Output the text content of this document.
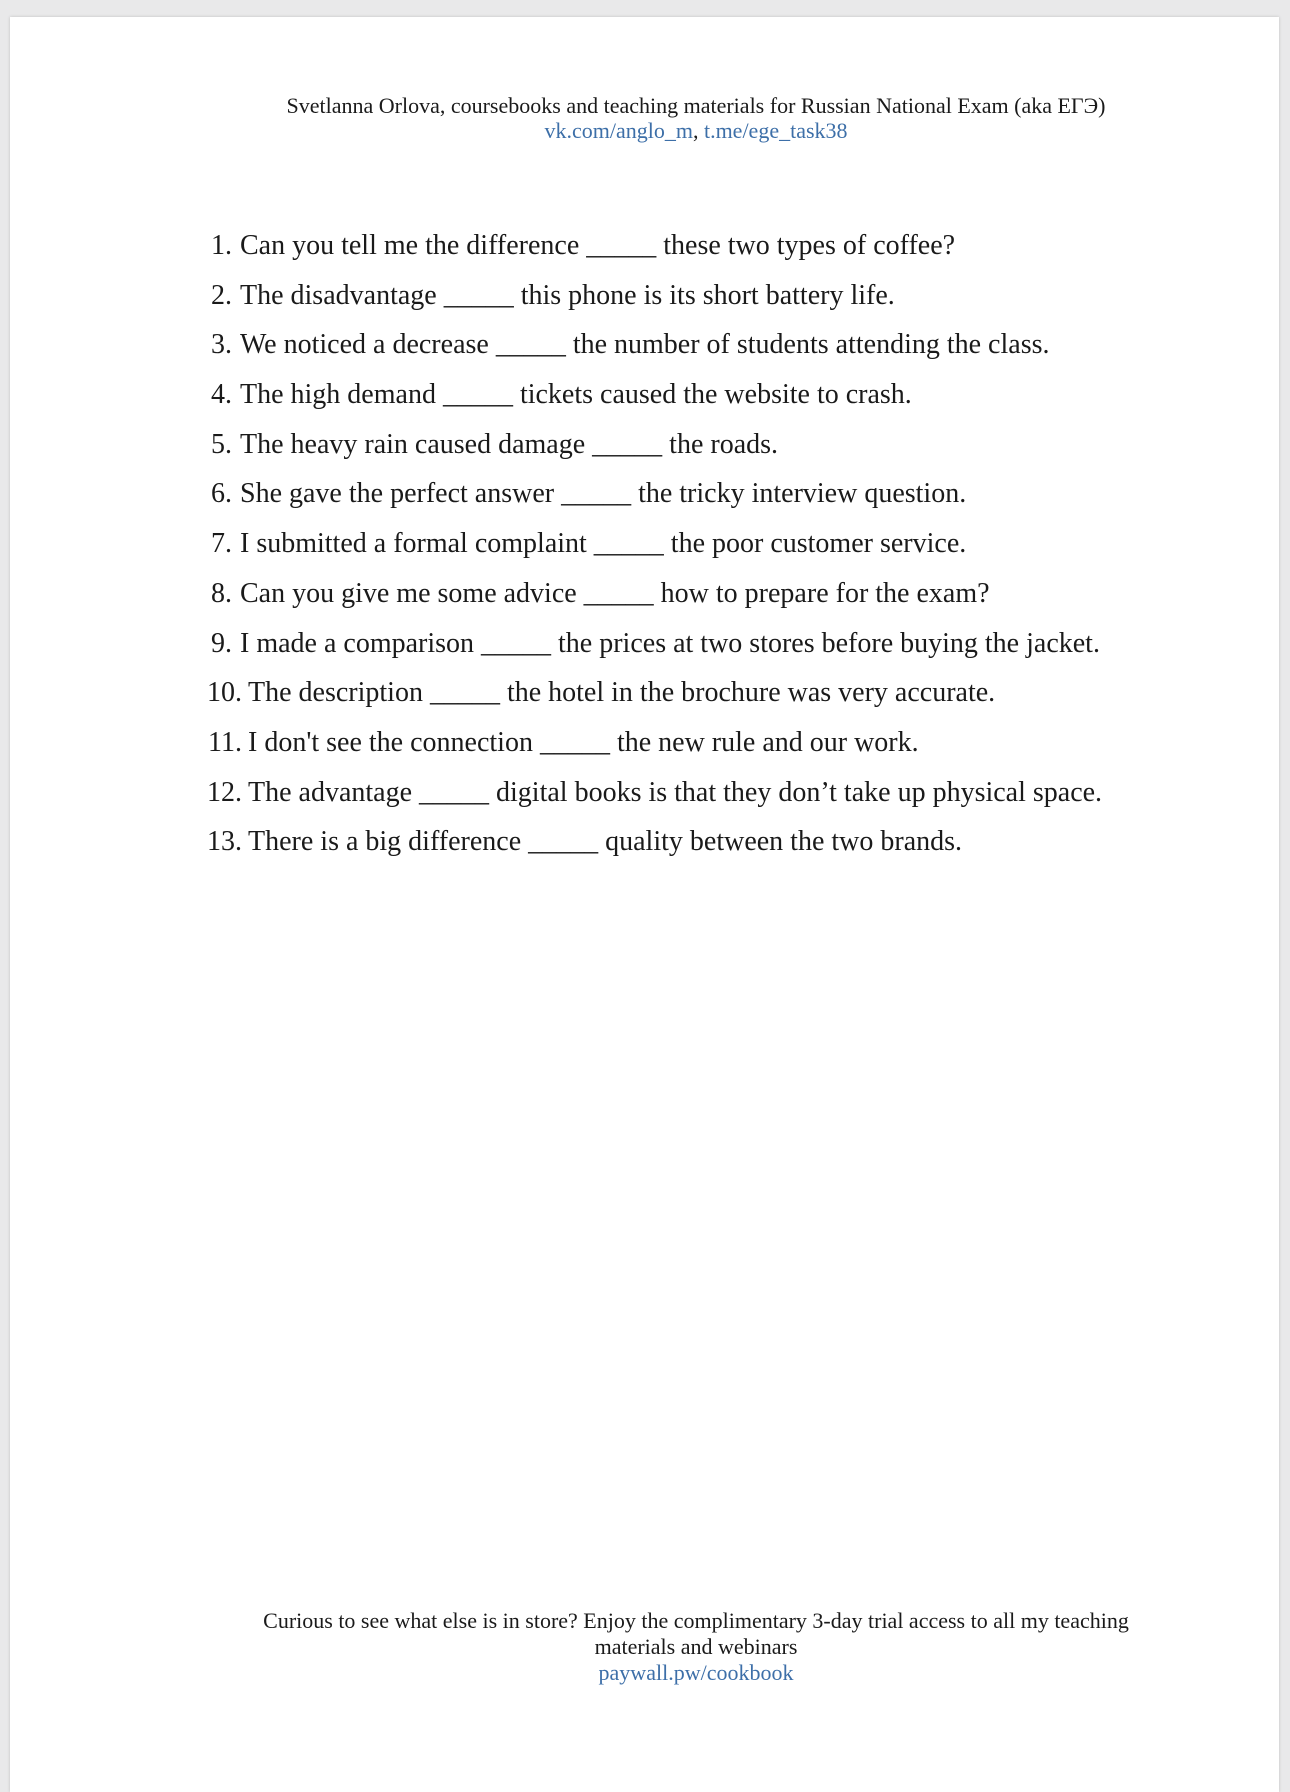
Svetlanna Orlova, coursebooks and teaching materials for Russian National Exam (aka ЕГЭ)
vk.com/anglo_m, t.me/ege_task38
1. Can you tell me the difference _____ these two types of coffee?
2. The disadvantage _____ this phone is its short battery life.
3. We noticed a decrease _____ the number of students attending the class.
4. The high demand _____ tickets caused the website to crash.
5. The heavy rain caused damage _____ the roads.
6. She gave the perfect answer _____ the tricky interview question.
7. I submitted a formal complaint _____ the poor customer service.
8. Can you give me some advice _____ how to prepare for the exam?
9. I made a comparison _____ the prices at two stores before buying the jacket.
10. The description _____ the hotel in the brochure was very accurate.
11. I don't see the connection _____ the new rule and our work.
12. The advantage _____ digital books is that they don’t take up physical space.
13. There is a big difference _____ quality between the two brands.
Curious to see what else is in store? Enjoy the complimentary 3-day trial access to all my teaching
materials and webinars
paywall.pw/cookbook
